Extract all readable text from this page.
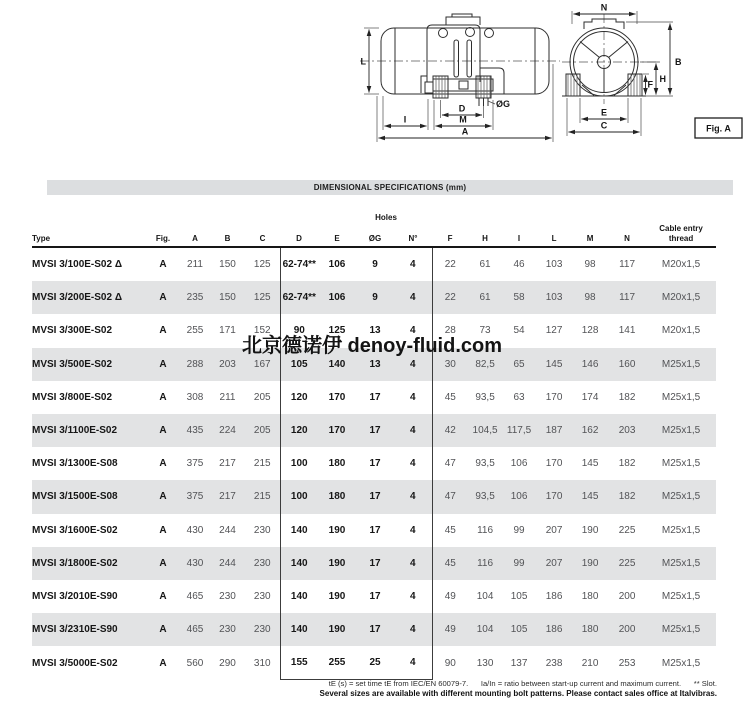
L
I	M
D
A
ØG
N
B
H
F
E
C	Fig. A
DIMENSIONAL SPECIFICATIONS (mm)
					Holes										
Type	Fig.	A	B	C	D	E	ØG	N°	F	H	I	L	M	N	Cable entry thread
MVSI 3/100E-S02 Δ	A	211	150	125	62-74**	106	9	4	22	61	46	103	98	117	M20x1,5
MVSI 3/200E-S02 Δ	A	235	150	125	62-74**	106	9	4	22	61	58	103	98	117	M20x1,5
MVSI 3/300E-S02	A	255	171	152	90	125	13	4	28	73	54	127	128	141	M20x1,5
MVSI 3/500E-S02	A	288	203	167	105	140	13	4	30	82,5	65	145	146	160	M25x1,5
MVSI 3/800E-S02	A	308	211	205	120	170	17	4	45	93,5	63	170	174	182	M25x1,5
MVSI 3/1100E-S02	A	435	224	205	120	170	17	4	42	104,5	117,5	187	162	203	M25x1,5
MVSI 3/1300E-S08	A	375	217	215	100	180	17	4	47	93,5	106	170	145	182	M25x1,5
MVSI 3/1500E-S08	A	375	217	215	100	180	17	4	47	93,5	106	170	145	182	M25x1,5
MVSI 3/1600E-S02	A	430	244	230	140	190	17	4	45	116	99	207	190	225	M25x1,5
MVSI 3/1800E-S02	A	430	244	230	140	190	17	4	45	116	99	207	190	225	M25x1,5
MVSI 3/2010E-S90	A	465	230	230	140	190	17	4	49	104	105	186	180	200	M25x1,5
MVSI 3/2310E-S90	A	465	230	230	140	190	17	4	49	104	105	186	180	200	M25x1,5
MVSI 3/5000E-S02	A	560	290	310	155	255	25	4	90	130	137	238	210	253	M25x1,5
北京德诺伊 denoy-fluid.com
tE (s) = set time tE from IEC/EN 60079-7.      Ia/In = ratio between start-up current and maximum current.      ** Slot.
Several sizes are available with different mounting bolt patterns. Please contact sales office at Italvibras.
